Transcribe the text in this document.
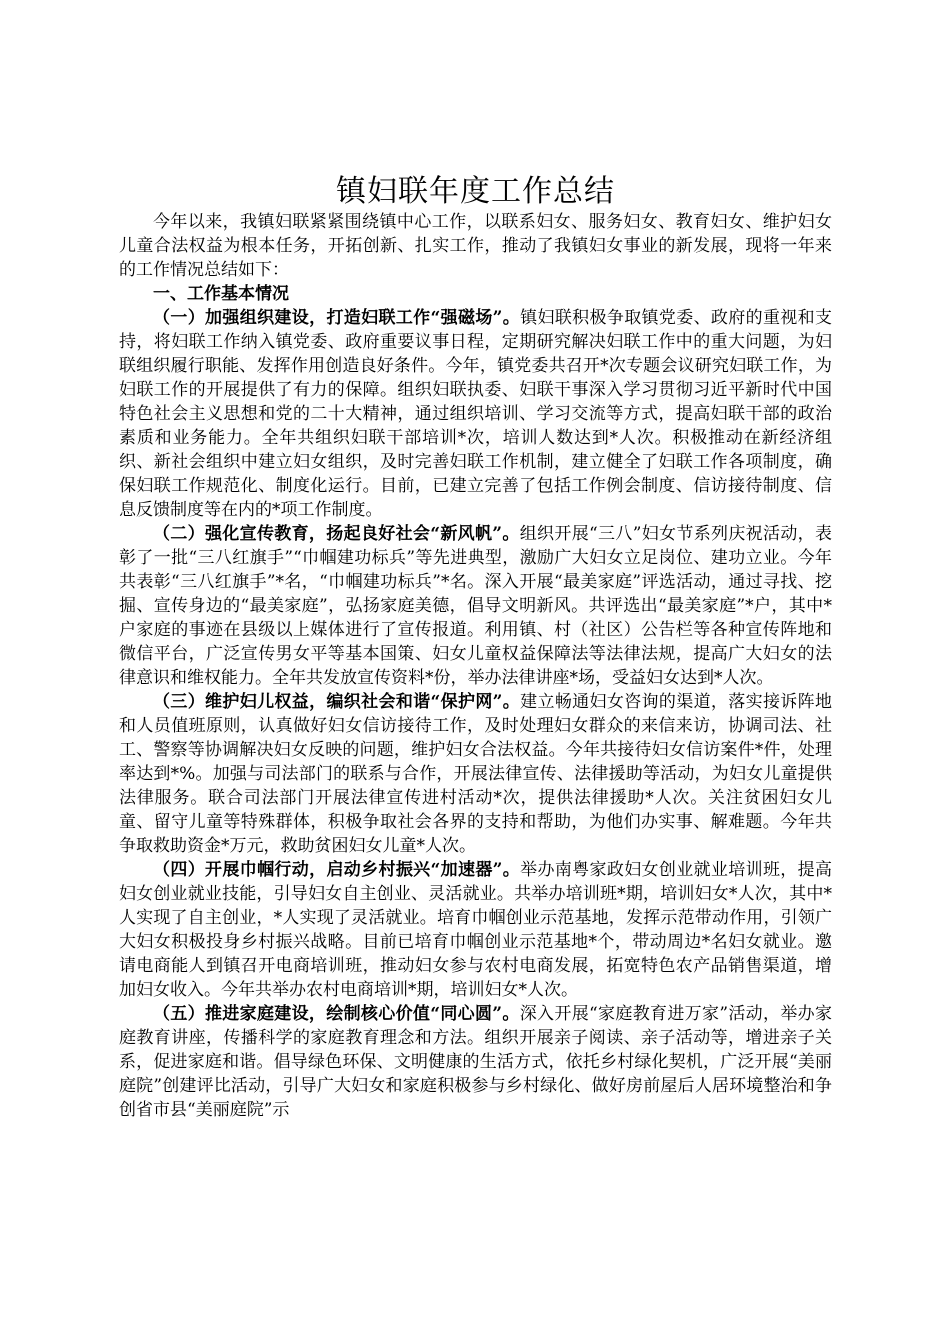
镇妇联年度工作总结

今年以来，我镇妇联紧紧围绕镇中心工作，以联系妇女、服务妇女、教育妇女、维护妇女儿童合法权益为根本任务，开拓创新、扎实工作，推动了我镇妇女事业的新发展，现将一年来的工作情况总结如下：

一、工作基本情况

（一）加强组织建设，打造妇联工作“强磁场”。镇妇联积极争取镇党委、政府的重视和支持，将妇联工作纳入镇党委、政府重要议事日程，定期研究解决妇联工作中的重大问题，为妇联组织履行职能、发挥作用创造良好条件。今年，镇党委共召开*次专题会议研究妇联工作，为妇联工作的开展提供了有力的保障。组织妇联执委、妇联干事深入学习贯彻习近平新时代中国特色社会主义思想和党的二十大精神，通过组织培训、学习交流等方式，提高妇联干部的政治素质和业务能力。全年共组织妇联干部培训*次，培训人数达到*人次。积极推动在新经济组织、新社会组织中建立妇女组织，及时完善妇联工作机制，建立健全了妇联工作各项制度，确保妇联工作规范化、制度化运行。目前，已建立完善了包括工作例会制度、信访接待制度、信息反馈制度等在内的*项工作制度。

（二）强化宣传教育，扬起良好社会“新风帆”。组织开展“三八”妇女节系列庆祝活动，表彰了一批“三八红旗手”“巾帼建功标兵”等先进典型，激励广大妇女立足岗位、建功立业。今年共表彰“三八红旗手”*名，“巾帼建功标兵”*名。深入开展“最美家庭”评选活动，通过寻找、挖掘、宣传身边的“最美家庭”，弘扬家庭美德，倡导文明新风。共评选出“最美家庭”*户，其中*户家庭的事迹在县级以上媒体进行了宣传报道。利用镇、村（社区）公告栏等各种宣传阵地和微信平台，广泛宣传男女平等基本国策、妇女儿童权益保障法等法律法规，提高广大妇女的法律意识和维权能力。全年共发放宣传资料*份，举办法律讲座*场，受益妇女达到*人次。

（三）维护妇儿权益，编织社会和谐“保护网”。建立畅通妇女咨询的渠道，落实接诉阵地和人员值班原则，认真做好妇女信访接待工作，及时处理妇女群众的来信来访，协调司法、社工、警察等协调解决妇女反映的问题，维护妇女合法权益。今年共接待妇女信访案件*件，处理率达到*%。加强与司法部门的联系与合作，开展法律宣传、法律援助等活动，为妇女儿童提供法律服务。联合司法部门开展法律宣传进村活动*次，提供法律援助*人次。关注贫困妇女儿童、留守儿童等特殊群体，积极争取社会各界的支持和帮助，为他们办实事、解难题。今年共争取救助资金*万元，救助贫困妇女儿童*人次。

（四）开展巾帼行动，启动乡村振兴“加速器”。举办南粤家政妇女创业就业培训班，提高妇女创业就业技能，引导妇女自主创业、灵活就业。共举办培训班*期，培训妇女*人次，其中*人实现了自主创业，*人实现了灵活就业。培育巾帼创业示范基地，发挥示范带动作用，引领广大妇女积极投身乡村振兴战略。目前已培育巾帼创业示范基地*个，带动周边*名妇女就业。邀请电商能人到镇召开电商培训班，推动妇女参与农村电商发展，拓宽特色农产品销售渠道，增加妇女收入。今年共举办农村电商培训*期，培训妇女*人次。

（五）推进家庭建设，绘制核心价值“同心圆”。深入开展“家庭教育进万家”活动，举办家庭教育讲座，传播科学的家庭教育理念和方法。组织开展亲子阅读、亲子活动等，增进亲子关系，促进家庭和谐。倡导绿色环保、文明健康的生活方式，依托乡村绿化契机，广泛开展“美丽庭院”创建评比活动，引导广大妇女和家庭积极参与乡村绿化、做好房前屋后人居环境整治和争创省市县“美丽庭院”示
